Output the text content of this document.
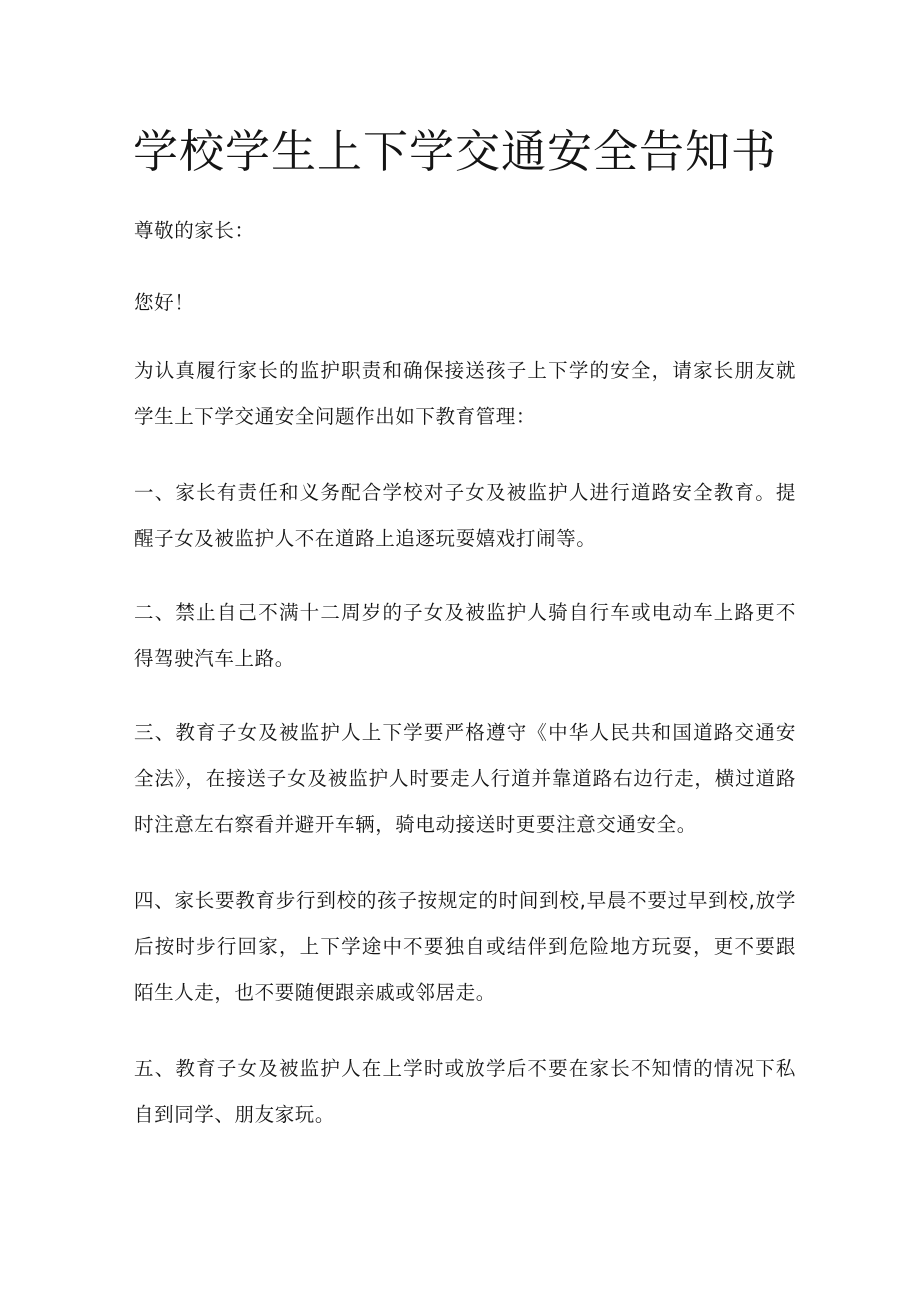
学校学生上下学交通安全告知书

尊敬的家长：

您好！

为认真履行家长的监护职责和确保接送孩子上下学的安全，请家长朋友就学生上下学交通安全问题作出如下教育管理：

一、家长有责任和义务配合学校对子女及被监护人进行道路安全教育。提醒子女及被监护人不在道路上追逐玩耍嬉戏打闹等。

二、禁止自己不满十二周岁的子女及被监护人骑自行车或电动车上路更不得驾驶汽车上路。

三、教育子女及被监护人上下学要严格遵守《中华人民共和国道路交通安全法》，在接送子女及被监护人时要走人行道并靠道路右边行走，横过道路时注意左右察看并避开车辆，骑电动接送时更要注意交通安全。

四、家长要教育步行到校的孩子按规定的时间到校,早晨不要过早到校,放学后按时步行回家，上下学途中不要独自或结伴到危险地方玩耍，更不要跟陌生人走，也不要随便跟亲戚或邻居走。

五、教育子女及被监护人在上学时或放学后不要在家长不知情的情况下私自到同学、朋友家玩。
